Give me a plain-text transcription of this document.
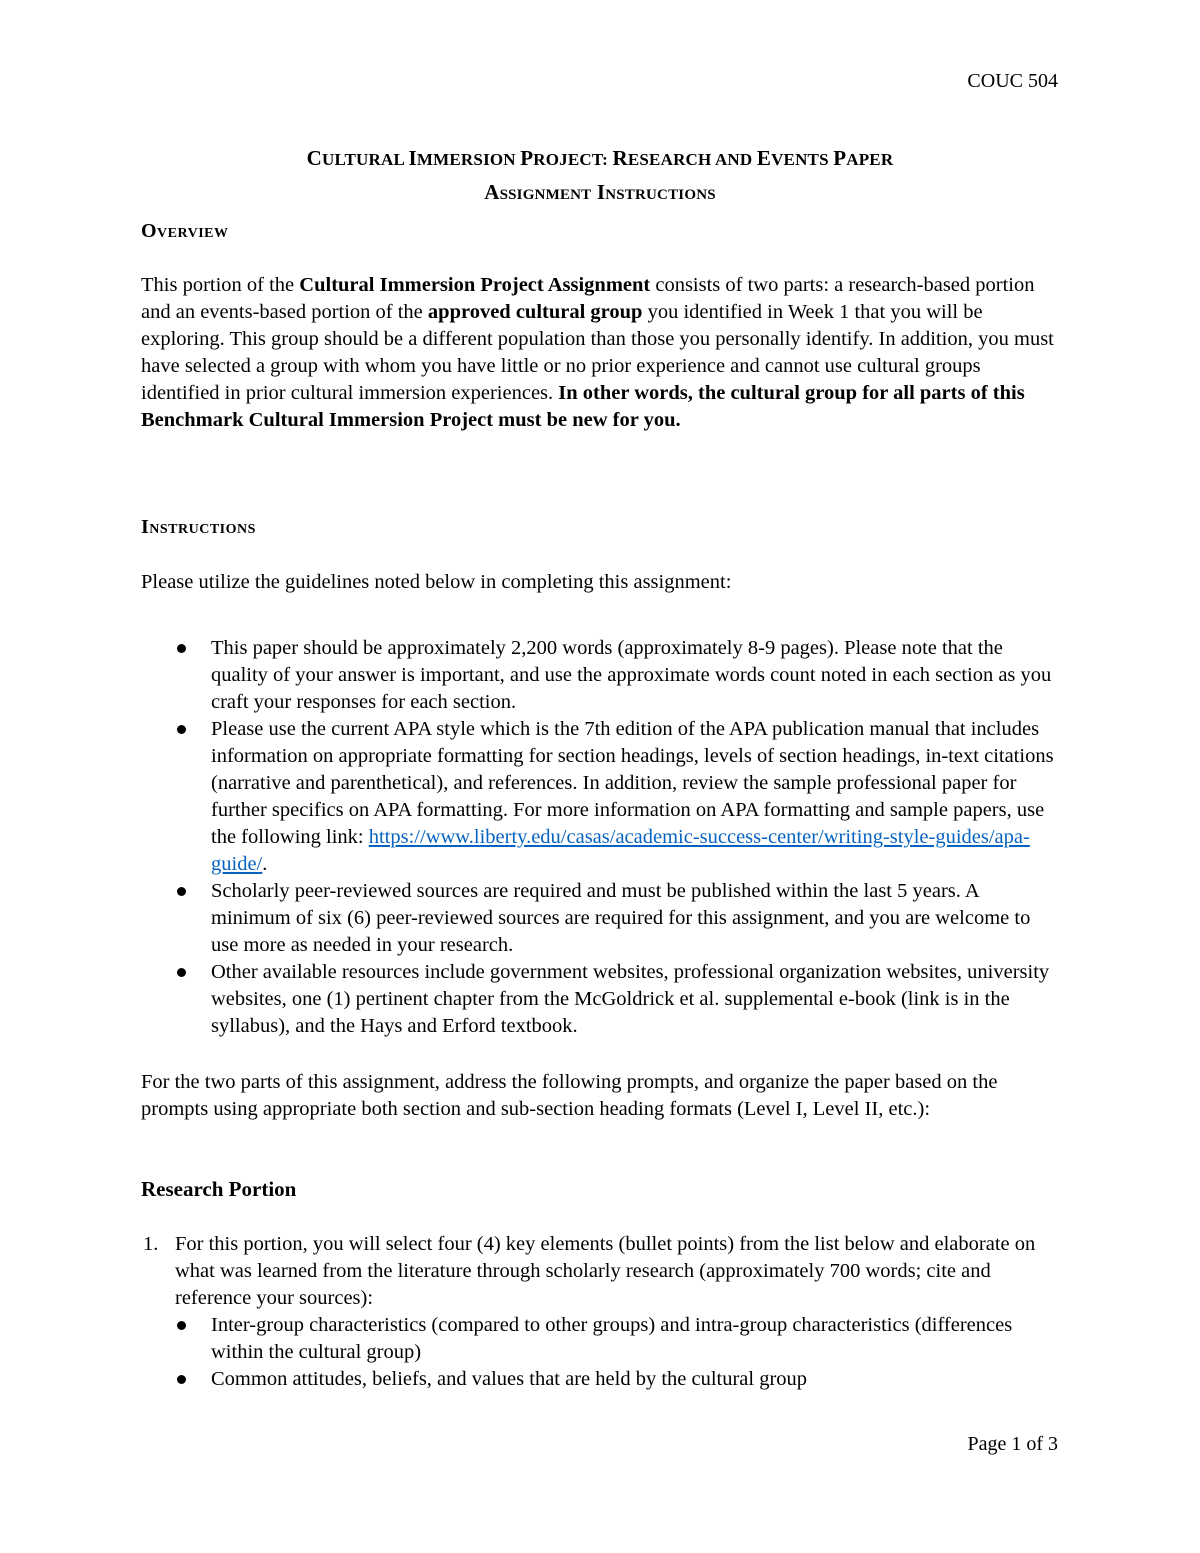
COUC 504
CULTURAL IMMERSION PROJECT: RESEARCH AND EVENTS PAPER
Assignment Instructions
Overview

This portion of the Cultural Immersion Project Assignment consists of two parts: a research-based portion and an events-based portion of the approved cultural group you identified in Week 1 that you will be exploring. This group should be a different population than those you personally identify. In addition, you must have selected a group with whom you have little or no prior experience and cannot use cultural groups identified in prior cultural immersion experiences. In other words, the cultural group for all parts of this Benchmark Cultural Immersion Project must be new for you.

Instructions
Please utilize the guidelines noted below in completing this assignment:
This paper should be approximately 2,200 words (approximately 8-9 pages). Please note that the quality of your answer is important, and use the approximate words count noted in each section as you craft your responses for each section.
Please use the current APA style which is the 7th edition of the APA publication manual that includes information on appropriate formatting for section headings, levels of section headings, in-text citations (narrative and parenthetical), and references. In addition, review the sample professional paper for further specifics on APA formatting. For more information on APA formatting and sample papers, use the following link: https://www.liberty.edu/casas/academic-success-center/writing-style-guides/apa-guide/.
Scholarly peer-reviewed sources are required and must be published within the last 5 years. A minimum of six (6) peer-reviewed sources are required for this assignment, and you are welcome to use more as needed in your research.
Other available resources include government websites, professional organization websites, university websites, one (1) pertinent chapter from the McGoldrick et al. supplemental e-book (link is in the syllabus), and the Hays and Erford textbook.
For the two parts of this assignment, address the following prompts, and organize the paper based on the prompts using appropriate both section and sub-section heading formats (Level I, Level II, etc.):
Research Portion
1. For this portion, you will select four (4) key elements (bullet points) from the list below and elaborate on what was learned from the literature through scholarly research (approximately 700 words; cite and reference your sources):
Inter-group characteristics (compared to other groups) and intra-group characteristics (differences within the cultural group)
Common attitudes, beliefs, and values that are held by the cultural group
Page 1 of 3
